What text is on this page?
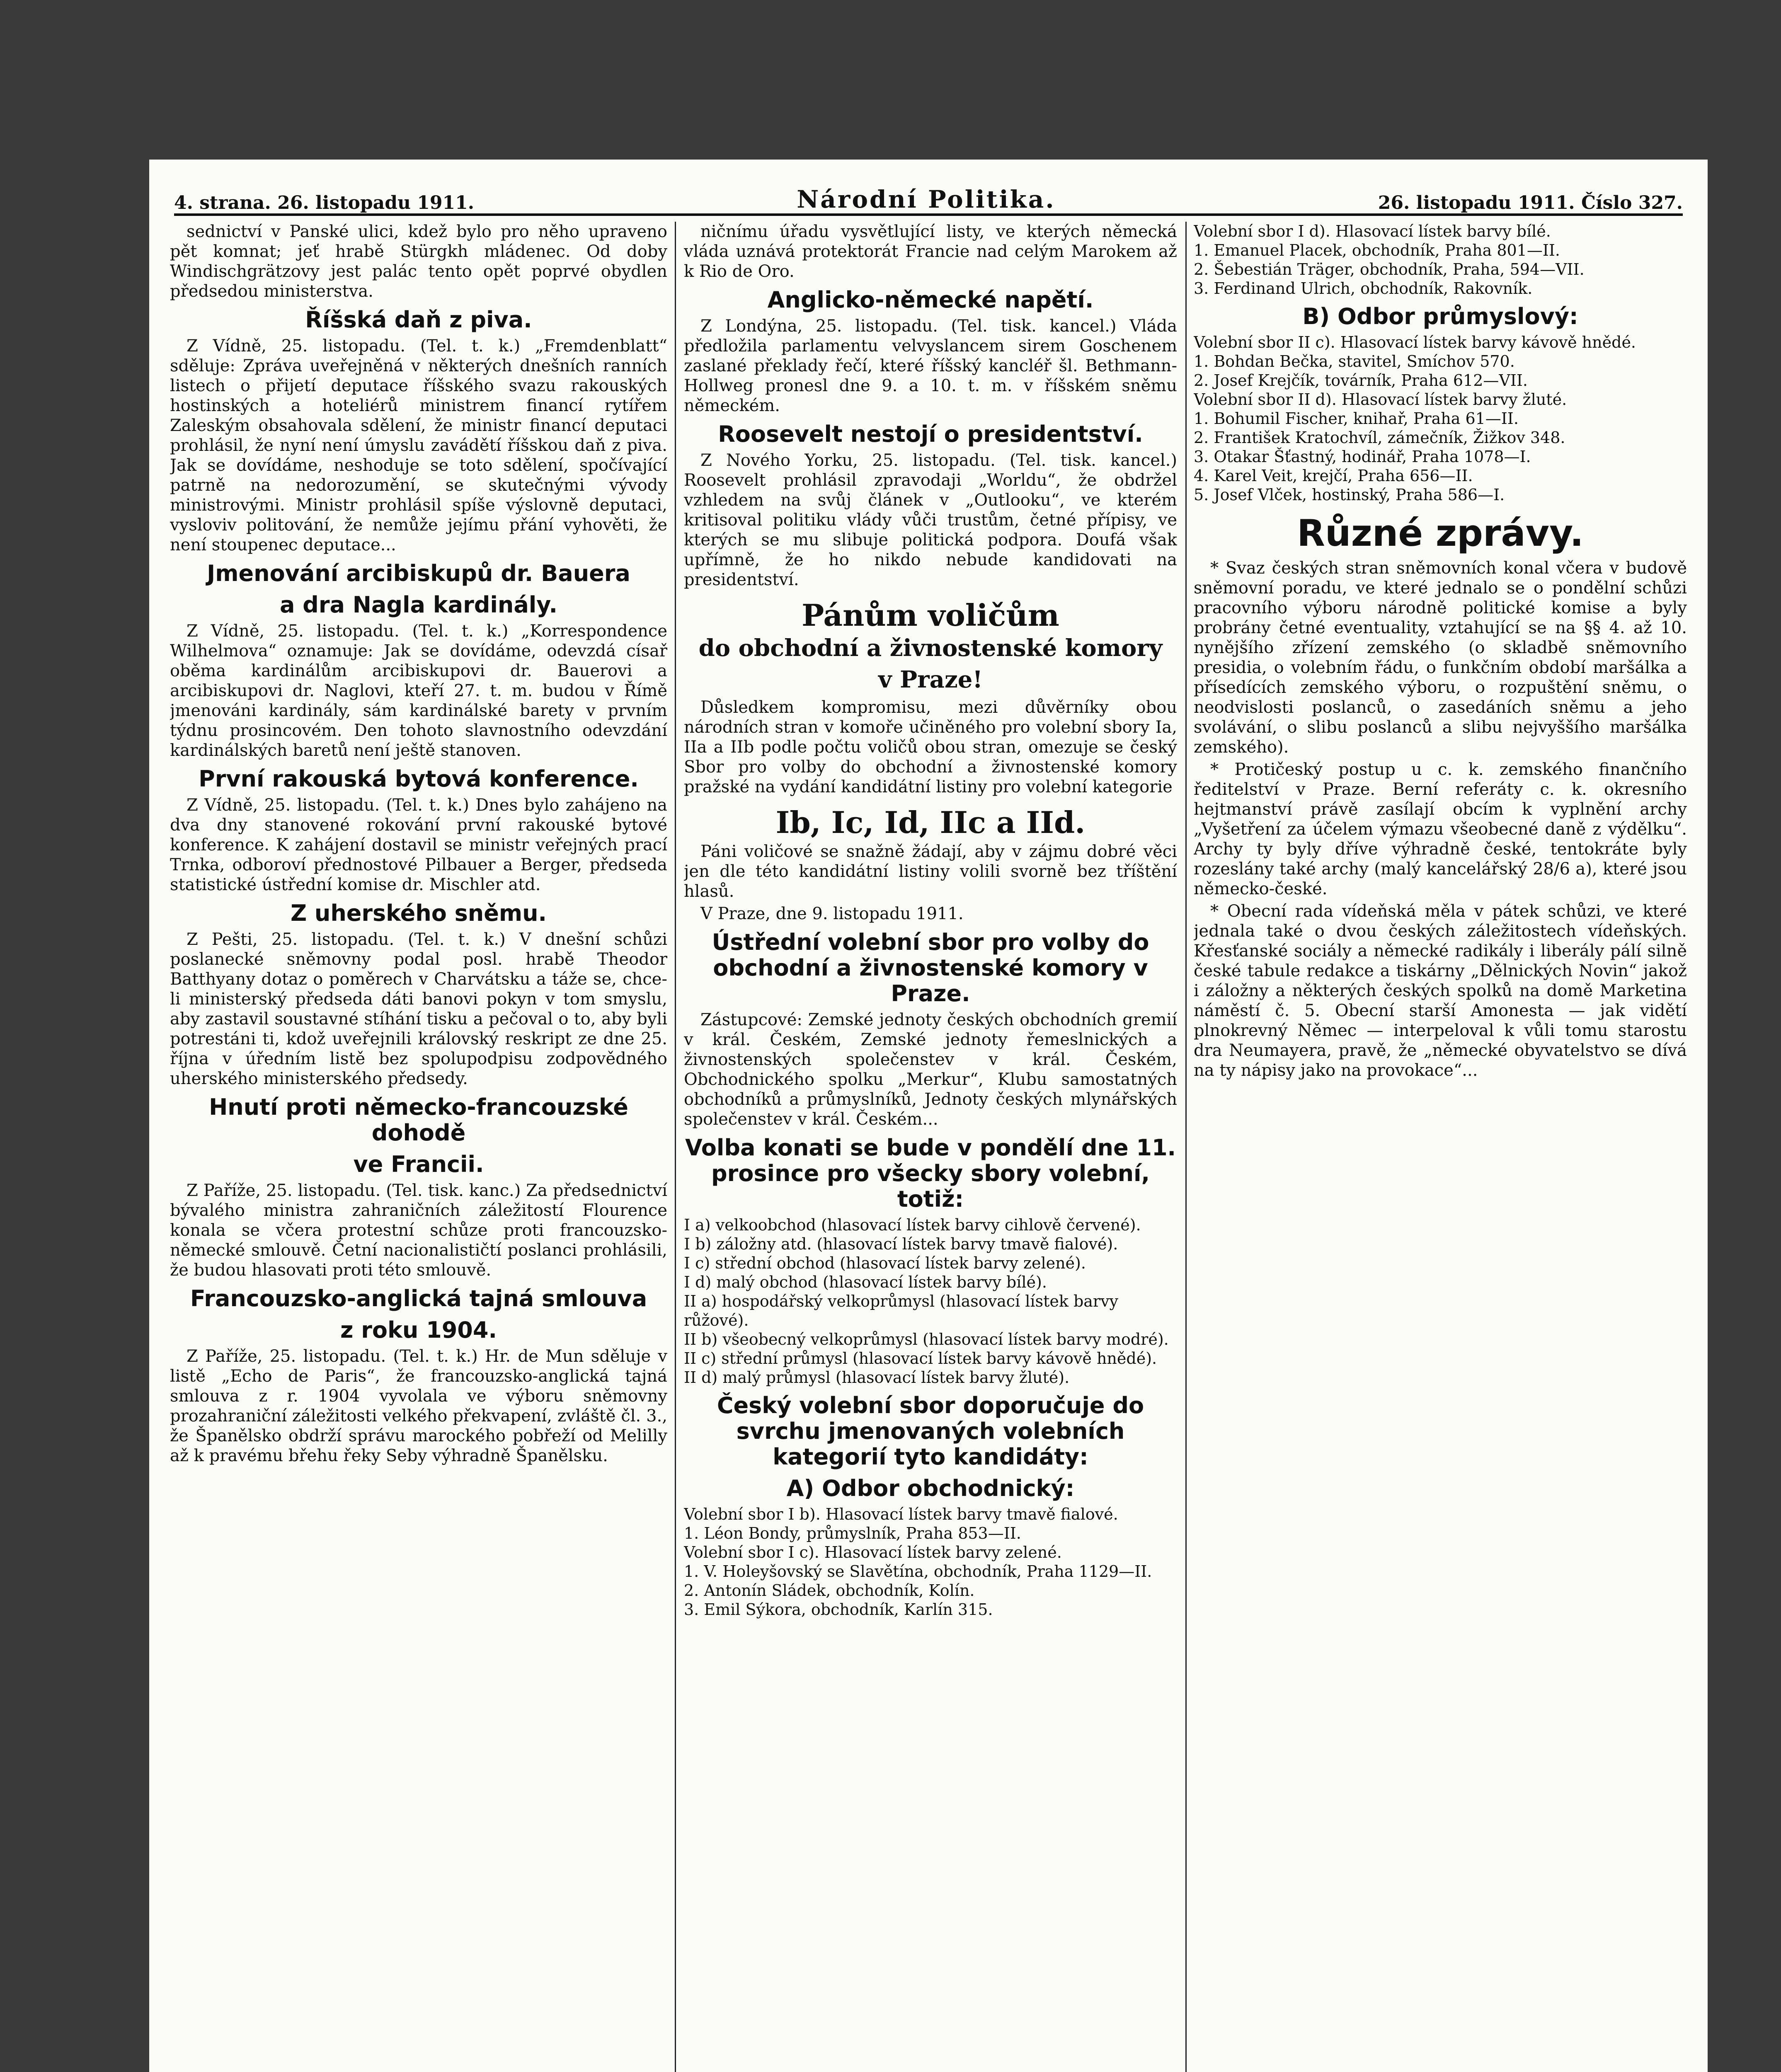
4. strana. 26. listopadu 1911.	Národní Politika.	26. listopadu 1911. Číslo 327.

sednictví v Panské ulici, kdež bylo pro něho upraveno pět komnat; jeť hrabě Stürgkh mládenec. Od doby Windischgrätzovy jest palác tento opět poprvé obydlen předsedou ministerstva.

Říšská daň z piva.

Z Vídně, 25. listopadu. (Tel. t. k.) „Fremdenblatt“ sděluje: Zpráva uveřejněná v některých dnešních ranních listech o přijetí deputace říšského svazu rakouských hostinských a hoteliérů ministrem financí rytířem Zaleským obsahovala sdělení, že ministr financí deputaci prohlásil, že nyní není úmyslu zavádětí říšskou daň z piva. Jak se dovídáme, neshoduje se toto sdělení, spočívající patrně na nedorozumění, se skutečnými vývody ministrovými. Ministr prohlásil spíše výslovně deputaci, vysloviv politování, že nemůže jejímu přání vyhověti, že není stoupenec deputace...

Jmenování arcibiskupů dr. Bauera
a dra Nagla kardinály.

Z Vídně, 25. listopadu. (Tel. t. k.) „Korrespondence Wilhelmova“ oznamuje: Jak se dovídáme, odevzdá císař oběma kardinálům arcibiskupovi dr. Bauerovi a arcibiskupovi dr. Naglovi, kteří 27. t. m. budou v Římě jmenováni kardinály, sám kardinálské barety v prvním týdnu prosincovém. Den tohoto slavnostního odevzdání kardinálských baretů není ještě stanoven.

První rakouská bytová konference.

Z Vídně, 25. listopadu. (Tel. t. k.) Dnes bylo zahájeno na dva dny stanovené rokování první rakouské bytové konference. K zahájení dostavil se ministr veřejných prací Trnka, odboroví přednostové Pilbauer a Berger, předseda statistické ústřední komise dr. Mischler atd.

Z uherského sněmu.

Z Pešti, 25. listopadu. (Tel. t. k.) V dnešní schůzi poslanecké sněmovny podal posl. hrabě Theodor Batthyany dotaz o poměrech v Charvátsku a táže se, chce-li ministerský předseda dáti banovi pokyn v tom smyslu, aby zastavil soustavné stíhání tisku a pečoval o to, aby byli potrestáni ti, kdož uveřejnili královský reskript ze dne 25. října v úředním listě bez spolupodpisu zodpovědného uherského ministerského předsedy.

Hnutí proti německo-francouzské dohodě
ve Francii.

Z Paříže, 25. listopadu. (Tel. tisk. kanc.) Za předsednictví bývalého ministra zahraničních záležitostí Flourence konala se včera protestní schůze proti francouzsko-německé smlouvě. Četní nacionalističtí poslanci prohlásili, že budou hlasovati proti této smlouvě.

Francouzsko-anglická tajná smlouva
z roku 1904.

Z Paříže, 25. listopadu. (Tel. t. k.) Hr. de Mun sděluje v listě „Echo de Paris“, že francouzsko-anglická tajná smlouva z r. 1904 vyvolala ve výboru sněmovny prozahraniční záležitosti velkého překvapení, zvláště čl. 3., že Španělsko obdrží správu marockého pobřeží od Melilly až k pravému břehu řeky Seby výhradně Španělsku.

ničnímu úřadu vysvětlující listy, ve kterých německá vláda uznává protektorát Francie nad celým Marokem až k Rio de Oro.

Anglicko-německé napětí.

Z Londýna, 25. listopadu. (Tel. tisk. kancel.) Vláda předložila parlamentu velvyslancem sirem Goschenem zaslané překlady řečí, které říšský kancléř šl. Bethmann-Hollweg pronesl dne 9. a 10. t. m. v říšském sněmu německém.

Roosevelt nestojí o presidentství.

Z Nového Yorku, 25. listopadu. (Tel. tisk. kancel.) Roosevelt prohlásil zpravodaji „Worldu“, že obdržel vzhledem na svůj článek v „Outlooku“, ve kterém kritisoval politiku vlády vůči trustům, četné přípisy, ve kterých se mu slibuje politická podpora. Doufá však upřímně, že ho nikdo nebude kandidovati na presidentství.

Pánům voličům
do obchodní a živnostenské komory
v Praze!

Důsledkem kompromisu, mezi důvěrníky obou národních stran v komoře učiněného pro volební sbory Ia, IIa a IIb podle počtu voličů obou stran, omezuje se český Sbor pro volby do obchodní a živnostenské komory pražské na vydání kandidátní listiny pro volební kategorie

Ib, Ic, Id, IIc a IId.

Páni voličové se snažně žádají, aby v zájmu dobré věci jen dle této kandidátní listiny volili svorně bez tříštění hlasů.

V Praze, dne 9. listopadu 1911.

Ústřední volební sbor pro volby do obchodní a živnostenské komory v Praze.

Zástupcové: Zemské jednoty českých obchodních gremií v král. Českém, Zemské jednoty řemeslnických a živnostenských společenstev v král. Českém, Obchodnického spolku „Merkur“, Klubu samostatných obchodníků a průmyslníků, Jednoty českých mlynářských společenstev v král. Českém...

Volba konati se bude v pondělí dne 11. prosince pro všecky sbory volební, totiž:
I a) velkoobchod (hlasovací lístek barvy cihlově červené).
I b) záložny atd. (hlasovací lístek barvy tmavě fialové).
I c) střední obchod (hlasovací lístek barvy zelené).
I d) malý obchod (hlasovací lístek barvy bílé).
II a) hospodářský velkoprůmysl (hlasovací lístek barvy růžové).
II b) všeobecný velkoprůmysl (hlasovací lístek barvy modré).
II c) střední průmysl (hlasovací lístek barvy kávově hnědé).
II d) malý průmysl (hlasovací lístek barvy žluté).
Český volební sbor doporučuje do svrchu jmenovaných volebních kategorií tyto kandidáty:
A) Odbor obchodnický:
Volební sbor I b). Hlasovací lístek barvy tmavě fialové.
1. Léon Bondy, průmyslník, Praha 853—II.
Volební sbor I c). Hlasovací lístek barvy zelené.
1. V. Holeyšovský se Slavětína, obchodník, Praha 1129—II.
2. Antonín Sládek, obchodník, Kolín.
3. Emil Sýkora, obchodník, Karlín 315.
Volební sbor I d). Hlasovací lístek barvy bílé.
1. Emanuel Placek, obchodník, Praha 801—II.
2. Šebestián Träger, obchodník, Praha, 594—VII.
3. Ferdinand Ulrich, obchodník, Rakovník.
B) Odbor průmyslový:
Volební sbor II c). Hlasovací lístek barvy kávově hnědé.
1. Bohdan Bečka, stavitel, Smíchov 570.
2. Josef Krejčík, továrník, Praha 612—VII.
Volební sbor II d). Hlasovací lístek barvy žluté.
1. Bohumil Fischer, knihař, Praha 61—II.
2. František Kratochvíl, zámečník, Žižkov 348.
3. Otakar Šťastný, hodinář, Praha 1078—I.
4. Karel Veit, krejčí, Praha 656—II.
5. Josef Vlček, hostinský, Praha 586—I.
Různé zprávy.

* Svaz českých stran sněmovních konal včera v budově sněmovní poradu, ve které jednalo se o pondělní schůzi pracovního výboru národně politické komise a byly probrány četné eventuality, vztahující se na §§ 4. až 10. nynějšího zřízení zemského (o skladbě sněmovního presidia, o volebním řádu, o funkčním období maršálka a přísedících zemského výboru, o rozpuštění sněmu, o neodvislosti poslanců, o zasedáních sněmu a jeho svolávání, o slibu poslanců a slibu nejvyššího maršálka zemského).

* Protičeský postup u c. k. zemského finančního ředitelství v Praze. Berní referáty c. k. okresního hejtmanství právě zasílají obcím k vyplnění archy „Vyšetření za účelem výmazu všeobecné daně z výdělku“. Archy ty byly dříve výhradně české, tentokráte byly rozeslány také archy (malý kancelářský 28/6 a), které jsou německo-české.

* Obecní rada vídeňská měla v pátek schůzi, ve které jednala také o dvou českých záležitostech vídeňských. Křesťanské sociály a německé radikály i liberály pálí silně české tabule redakce a tiskárny „Dělnických Novin“ jakož i záložny a některých českých spolků na domě Marketina náměstí č. 5. Obecní starší Amonesta — jak vidětí plnokrevný Němec — interpeloval k vůli tomu starostu dra Neumayera, pravě, že „německé obyvatelstvo se dívá na ty nápisy jako na provokace“...
